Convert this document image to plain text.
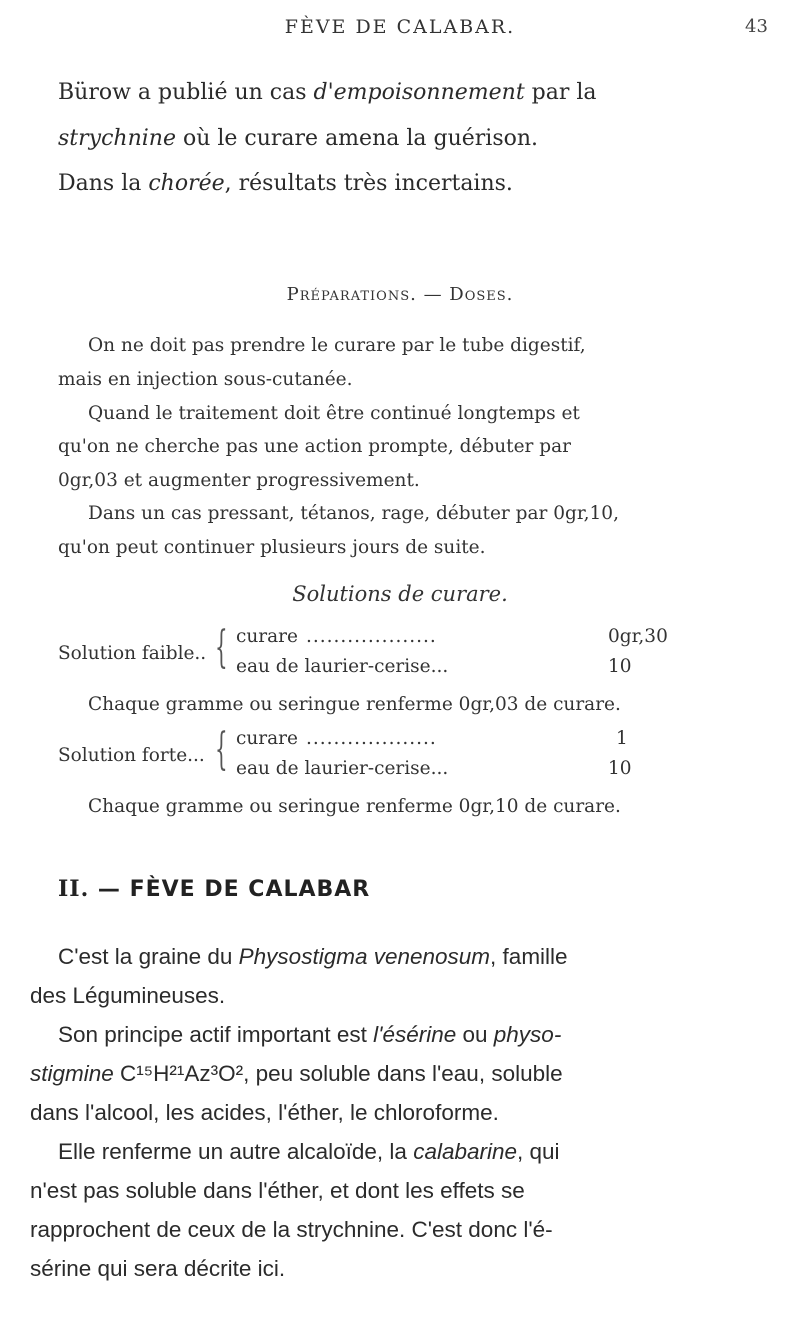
FÈVE DE CALABAR.	43
Bürow a publié un cas d'empoisonnement par la
strychnine où le curare amena la guérison.
Dans la chorée, résultats très incertains.
Préparations. — Doses.
On ne doit pas prendre le curare par le tube digestif,
mais en injection sous-cutanée.
Quand le traitement doit être continué longtemps et
qu'on ne cherche pas une action prompte, débuter par
0gr,03 et augmenter progressivement.
Dans un cas pressant, tétanos, rage, débuter par 0gr,10,
qu'on peut continuer plusieurs jours de suite.
Solutions de curare.
Solution faible.. { curare ...................	0gr,30
eau de laurier-cerise...	10
Chaque gramme ou seringue renferme 0gr,03 de curare.
Solution forte... { curare ...................	1
eau de laurier-cerise...	10
Chaque gramme ou seringue renferme 0gr,10 de curare.
II. — FÈVE DE CALABAR
C'est la graine du Physostigma venenosum, famille
des Légumineuses.
Son principe actif important est l'ésérine ou physo-
stigmine C¹⁵H²¹Az³O², peu soluble dans l'eau, soluble
dans l'alcool, les acides, l'éther, le chloroforme.
Elle renferme un autre alcaloïde, la calabarine, qui
n'est pas soluble dans l'éther, et dont les effets se
rapprochent de ceux de la strychnine. C'est donc l'é-
sérine qui sera décrite ici.
